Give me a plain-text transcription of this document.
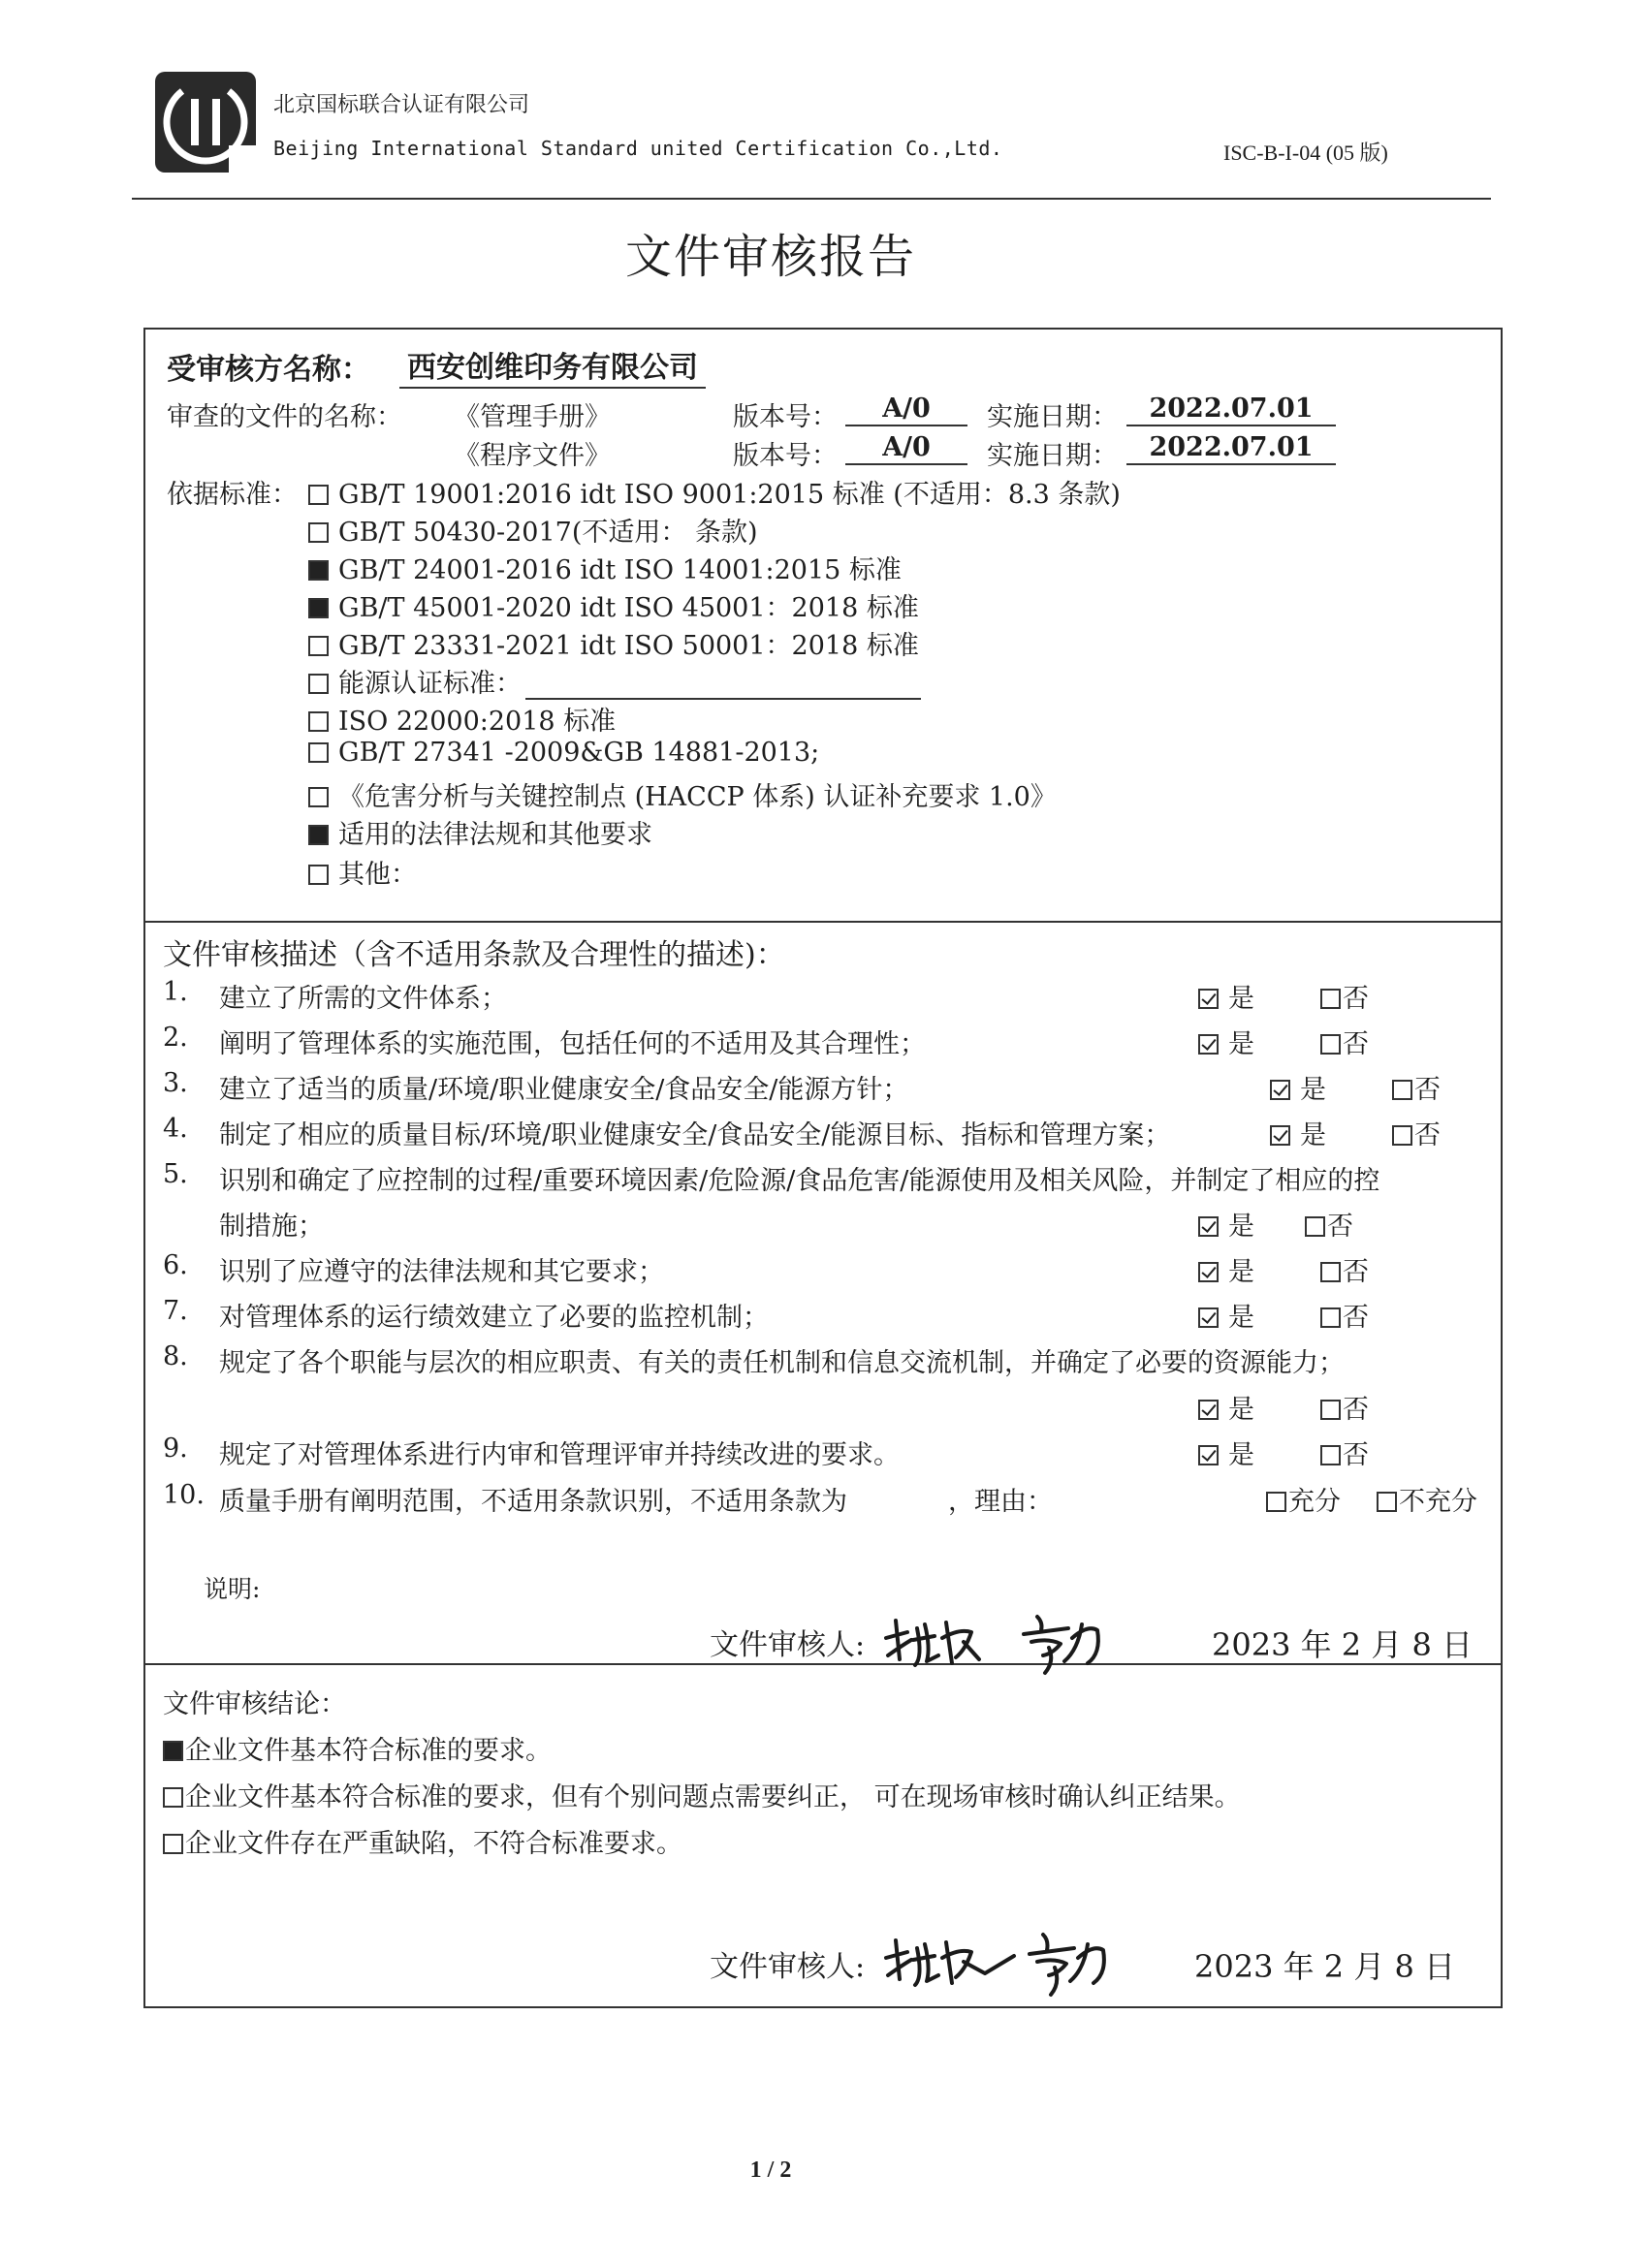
北京国标联合认证有限公司
Beijing International Standard united Certification Co.,Ltd.	ISC-B-I-04 (05 版)
文件审核报告
受审核方名称： 西安创维印务有限公司
审查的文件的名称： 《管理手册》	版本号：	A/0	实施日期：	2022.07.01
《程序文件》	版本号：	A/0	实施日期：	2022.07.01
依据标准：	GB/T 19001:2016 idt ISO 9001:2015 标准 (不适用：8.3 条款)
GB/T 50430-2017(不适用： 条款)
GB/T 24001-2016 idt ISO 14001:2015 标准
GB/T 45001-2020 idt ISO 45001：2018 标准
GB/T 23331-2021 idt ISO 50001：2018 标准
能源认证标准：
ISO 22000:2018 标准
GB/T 27341 -2009&GB 14881-2013;
《危害分析与关键控制点 (HACCP 体系) 认证补充要求 1.0》
适用的法律法规和其他要求
其他：
文件审核描述（含不适用条款及合理性的描述)：
1. 建立了所需的文件体系；	是	否
2. 阐明了管理体系的实施范围，包括任何的不适用及其合理性；	是	否
3. 建立了适当的质量/环境/职业健康安全/食品安全/能源方针；	是	否
4. 制定了相应的质量目标/环境/职业健康安全/食品安全/能源目标、指标和管理方案；	是	否
5. 识别和确定了应控制的过程/重要环境因素/危险源/食品危害/能源使用及相关风险，并制定了相应的控
制措施；	是	否
6. 识别了应遵守的法律法规和其它要求；	是	否
7. 对管理体系的运行绩效建立了必要的监控机制；	是	否
8. 规定了各个职能与层次的相应职责、有关的责任机制和信息交流机制，并确定了必要的资源能力；
是	否
9. 规定了对管理体系进行内审和管理评审并持续改进的要求。	是	否
10. 质量手册有阐明范围，不适用条款识别，不适用条款为	，理由：	充分	不充分
说明:
文件审核人:	2023 年 2 月 8 日
文件审核结论：
企业文件基本符合标准的要求。
企业文件基本符合标准的要求，但有个别问题点需要纠正， 可在现场审核时确认纠正结果。
企业文件存在严重缺陷，不符合标准要求。
文件审核人:	2023 年 2 月 8 日
1 / 2
